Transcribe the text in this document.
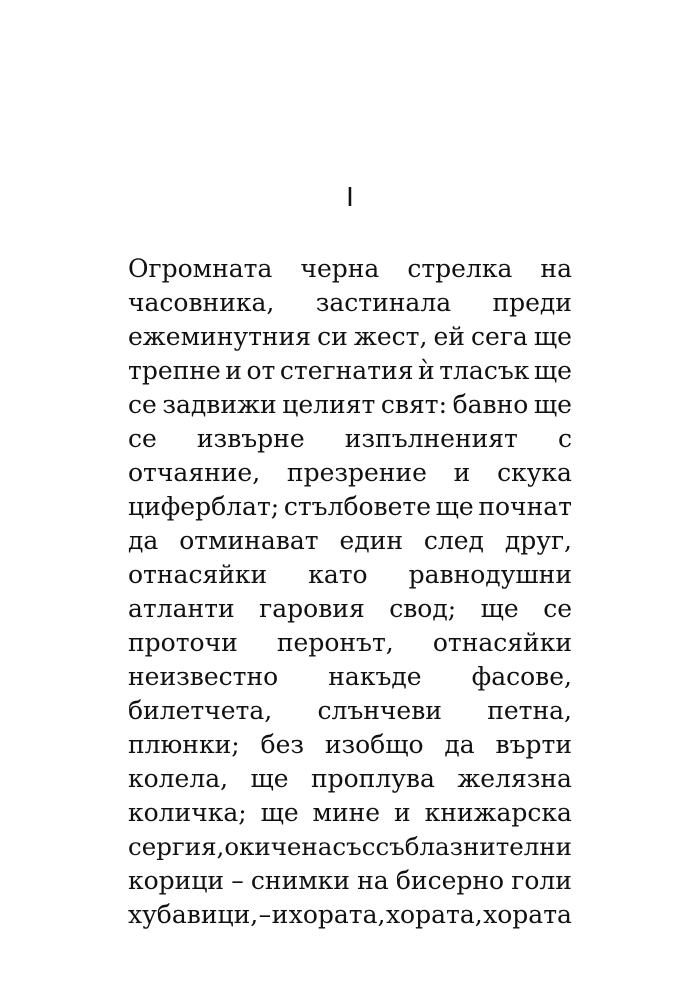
I
Огромната черна стрелка на
часовника, застинала преди
ежеминутния си жест, ей сега ще
трепне и от стегнатия ѝ тласък ще
се задвижи целият свят: бавно ще
се извърне изпълненият с
отчаяние, презрение и скука
циферблат; стълбовете ще почнат
да отминават един след друг,
отнасяйки като равнодушни
атланти гаровия свод; ще се
проточи перонът, отнасяйки
неизвестно накъде фасове,
билетчета, слънчеви петна,
плюнки; без изобщо да върти
колела, ще проплува желязна
количка; ще мине и книжарска
сергия, окичена със съблазнителни
корици – снимки на бисерно голи
хубавици, – и хората, хората, хората
